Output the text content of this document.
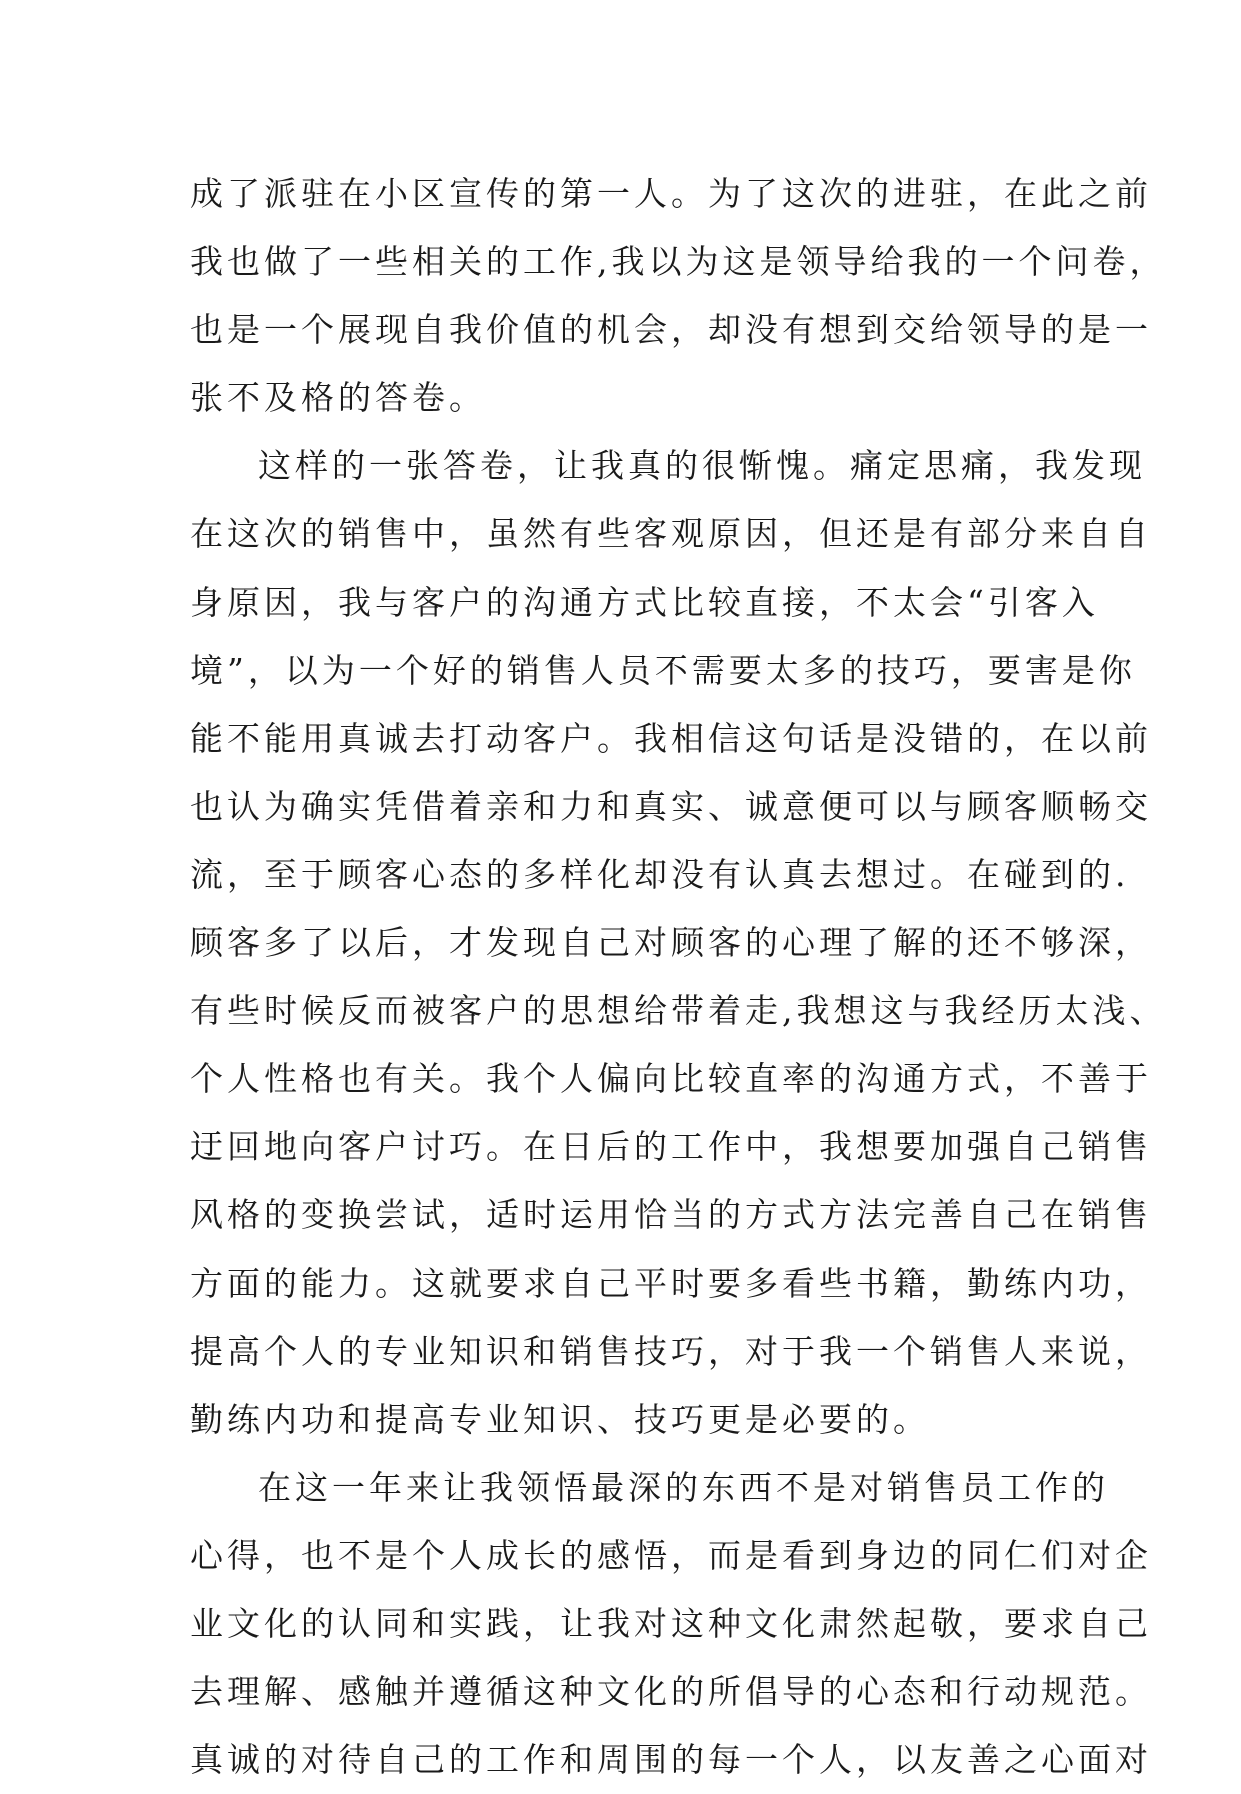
成了派驻在小区宣传的第一人。为了这次的进驻，在此之前
我也做了一些相关的工作,我以为这是领导给我的一个问卷，
也是一个展现自我价值的机会，却没有想到交给领导的是一
张不及格的答卷。
这样的一张答卷，让我真的很惭愧。痛定思痛，我发现
在这次的销售中，虽然有些客观原因，但还是有部分来自自
身原因，我与客户的沟通方式比较直接，不太会“引客入
境”，以为一个好的销售人员不需要太多的技巧，要害是你
能不能用真诚去打动客户。我相信这句话是没错的，在以前
也认为确实凭借着亲和力和真实、诚意便可以与顾客顺畅交
流，至于顾客心态的多样化却没有认真去想过。在碰到的.
顾客多了以后，才发现自己对顾客的心理了解的还不够深，
有些时候反而被客户的思想给带着走,我想这与我经历太浅、
个人性格也有关。我个人偏向比较直率的沟通方式，不善于
迂回地向客户讨巧。在日后的工作中，我想要加强自己销售
风格的变换尝试，适时运用恰当的方式方法完善自己在销售
方面的能力。这就要求自己平时要多看些书籍，勤练内功，
提高个人的专业知识和销售技巧，对于我一个销售人来说，
勤练内功和提高专业知识、技巧更是必要的。
在这一年来让我领悟最深的东西不是对销售员工作的
心得，也不是个人成长的感悟，而是看到身边的同仁们对企
业文化的认同和实践，让我对这种文化肃然起敬，要求自己
去理解、感触并遵循这种文化的所倡导的心态和行动规范。
真诚的对待自己的工作和周围的每一个人，以友善之心面对
